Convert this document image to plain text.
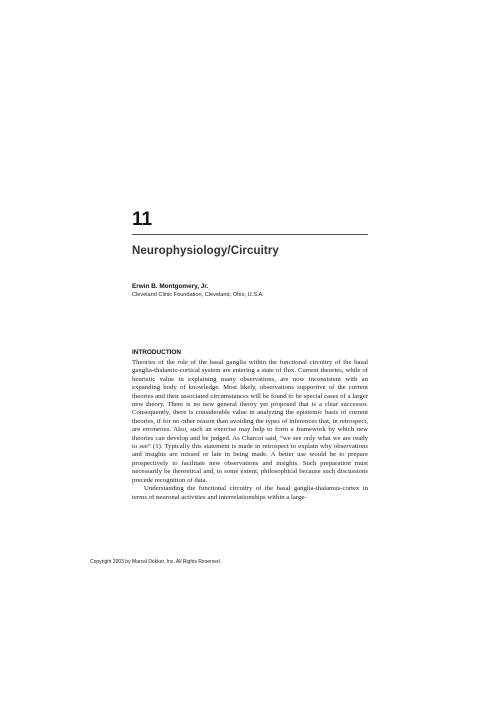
11
Neurophysiology/Circuitry

Erwin B. Montgomery, Jr.

Cleveland Clinic Foundation, Cleveland, Ohio, U.S.A.

INTRODUCTION

Theories of the role of the basal ganglia within the functional circuitry of the basal ganglia-thalamic-cortical system are entering a state of flux. Current theories, while of heuristic value in explaining many observations, are now inconsistent with an expanding body of knowledge. Most likely, observations supportive of the current theories and their associated circumstances will be found to be special cases of a larger new theory. There is no new general theory yet proposed that is a clear successor. Consequently, there is considerable value in analyzing the epistemic basis of current theories, if for no other reason than avoiding the types of inferences that, in retrospect, are erroneous. Also, such an exercise may help to form a framework by which new theories can develop and be judged. As Charcot said, “we see only what we are ready to see” (1). Typically this statement is made in retrospect to explain why observations and insights are missed or late in being made. A better use would be to prepare prospectively to facilitate new observations and insights. Such preparation must necessarily be theoretical and, to some extent, philosophical because such discussions precede recognition of data.

Understanding the functional circuitry of the basal ganglia-thalamus-cortex in terms of neuronal activities and interrelationships within a large-

Copyright 2003 by Marcel Dekker, Inc. All Rights Reserved.
